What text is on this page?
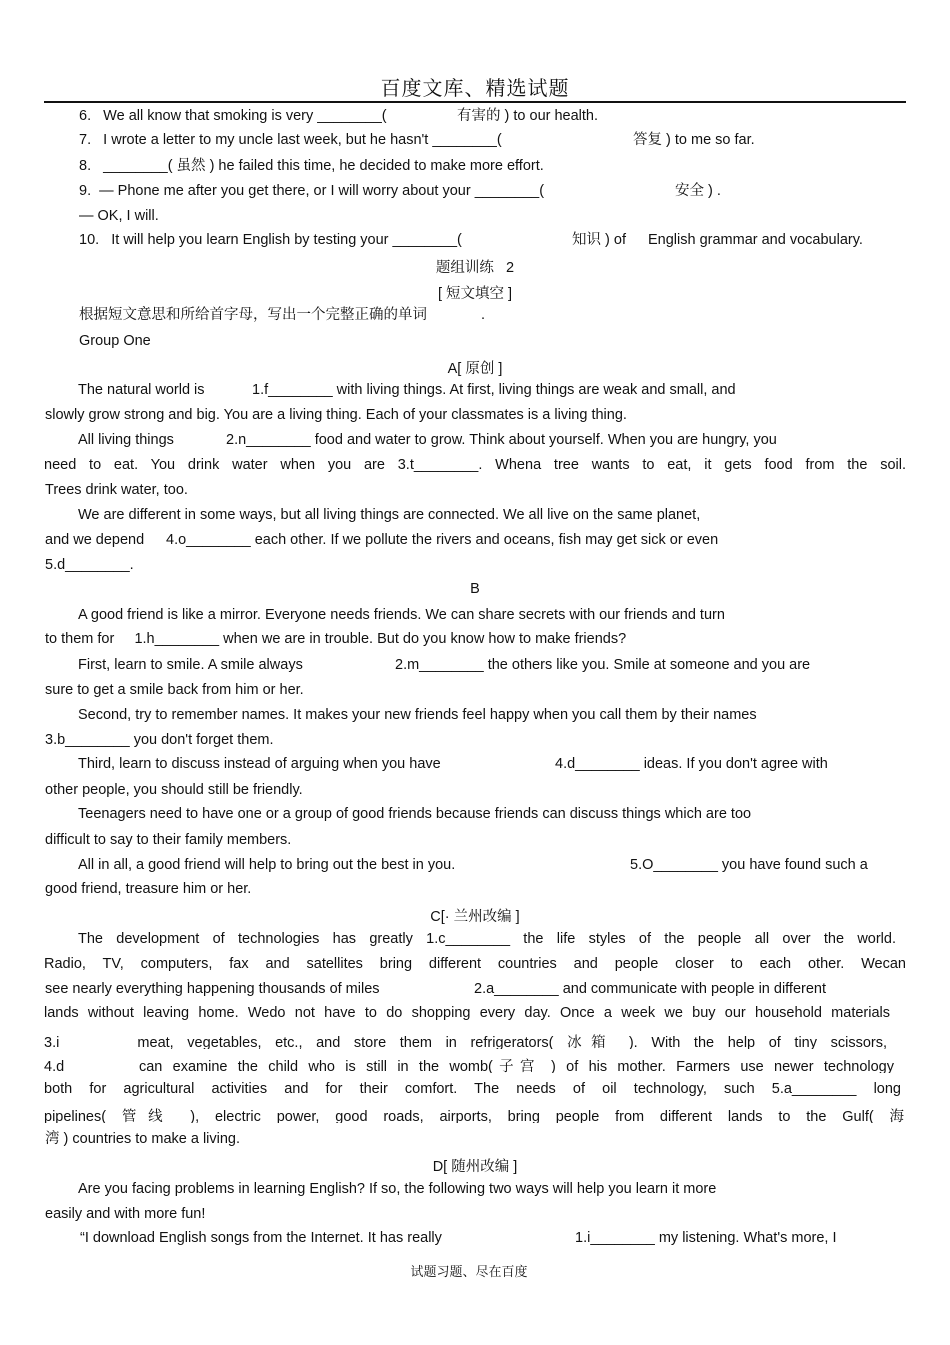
百度文库、精选试题
6.   We all know that smoking is very ________(	有害的 ) to our health.
7.   I wrote a letter to my uncle last week, but he hasn't ________(	答复 ) to me so far.
8.   ________( 虽然 ) he failed this time, he decided to make more effort.
9.  — Phone me after you get there, or I will worry about your ________(	安全 ) .
— OK, I will.
10.   It will help you learn English by testing your ________(	知识 ) of English grammar and vocabulary.
题组训练   2
[ 短文填空 ]
根据短文意思和所给首字母，写出一个完整正确的单词	.
Group One
A[ 原创 ]
The natural world is	1.f________ with living things. At first, living things are weak and small, and
slowly grow strong and big. You are a living thing. Each of your classmates is a living thing.
All living things	2.n________ food and water to grow. Think about yourself. When you are hungry, you
need to eat. You drink water when you are 3.t________. Whena tree wants to eat, it gets food from the soil.
Trees drink water, too.
We are different in some ways, but all living things are connected. We all live on the same planet,
and we depend 4.o________ each other. If we pollute the rivers and oceans, fish may get sick or even
5.d________.
B
A good friend is like a mirror. Everyone needs friends. We can share secrets with our friends and turn
to them for     1.h________ when we are in trouble. But do you know how to make friends?
First, learn to smile. A smile always	2.m________ the others like you. Smile at someone and you are
sure to get a smile back from him or her.
Second, try to remember names. It makes your new friends feel happy when you call them by their names
3.b________ you don't forget them.
Third, learn to discuss instead of arguing when you have	4.d________ ideas. If you don't agree with
other people, you should still be friendly.
Teenagers need to have one or a group of good friends because friends can discuss things which are too
difficult to say to their family members.
All in all, a good friend will help to bring out the best in you.	5.O________ you have found such a
good friend, treasure him or her.
C[· 兰州改编 ]
The development of technologies has greatly 1.c________ the life styles of the people all over the world.
Radio, TV, computers, fax and satellites bring different countries and people closer to each other. Wecan
see nearly everything happening thousands of miles	2.a________ and communicate with people in different
lands without leaving home. Wedo not have to do shopping every day. Once a week we buy our household materials
3.i________ meat, vegetables, etc., and store them in refrigerators( 冰箱 ). With the help of tiny scissors,
4.d________ can examine the child who is still in the womb(子宫 ) of his mother. Farmers use newer technology
both for agricultural activities and for their comfort. The needs of oil technology, such 5.a________ long
pipelines( 管线 ), electric power, good roads, airports, bring people from different lands to the Gulf( 海
湾 ) countries to make a living.
D[ 随州改编 ]
Are you facing problems in learning English? If so, the following two ways will help you learn it more
easily and with more fun!
“I download English songs from the Internet. It has really	1.i________ my listening. What's more, I
试题习题、尽在百度
